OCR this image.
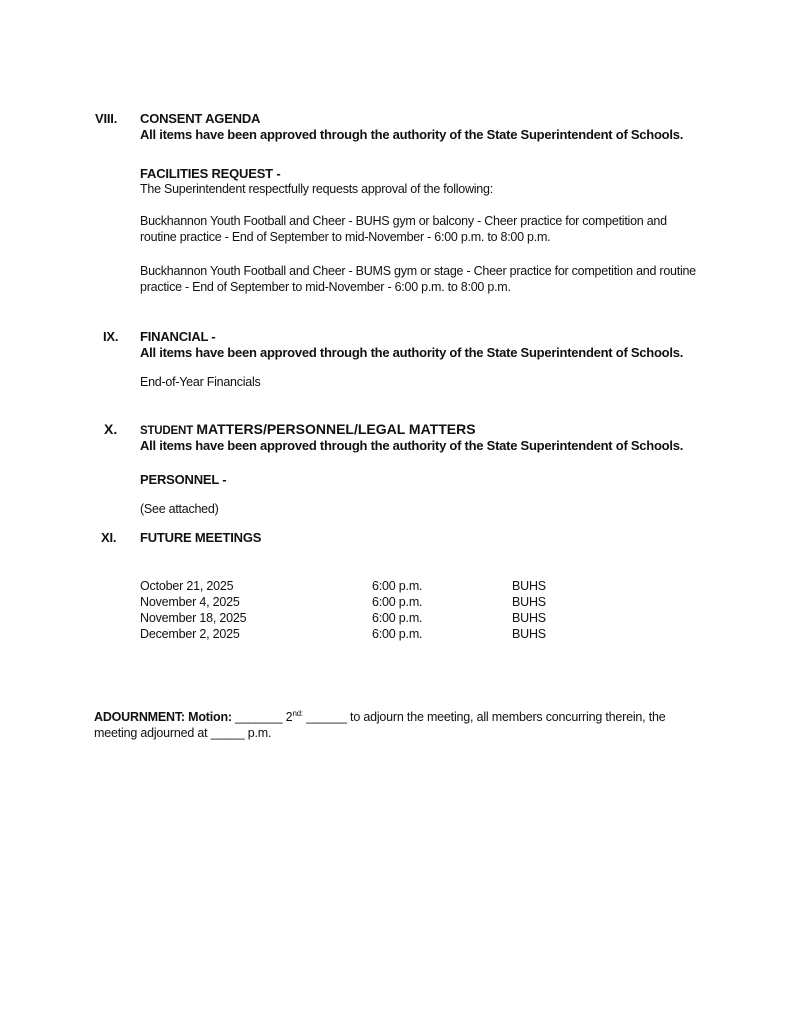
VIII. CONSENT AGENDA
All items have been approved through the authority of the State Superintendent of Schools.
FACILITIES REQUEST -
The Superintendent respectfully requests approval of the following:
Buckhannon Youth Football and Cheer - BUHS gym or balcony - Cheer practice for competition and routine practice - End of September to mid-November - 6:00 p.m. to 8:00 p.m.
Buckhannon Youth Football and Cheer - BUMS gym or stage - Cheer practice for competition and routine practice - End of September to mid-November - 6:00 p.m. to 8:00 p.m.
IX. FINANCIAL -
All items have been approved through the authority of the State Superintendent of Schools.
End-of-Year Financials
X. STUDENT MATTERS/PERSONNEL/LEGAL MATTERS
All items have been approved through the authority of the State Superintendent of Schools.
PERSONNEL -
(See attached)
XI. FUTURE MEETINGS
October 21, 2025	6:00 p.m.	BUHS
November 4, 2025	6:00 p.m.	BUHS
November 18, 2025	6:00 p.m.	BUHS
December 2, 2025	6:00 p.m.	BUHS
ADOURNMENT: Motion: _______ $2^{nd:}$ ______ to adjourn the meeting, all members concurring therein, the meeting adjourned at _____ p.m.
